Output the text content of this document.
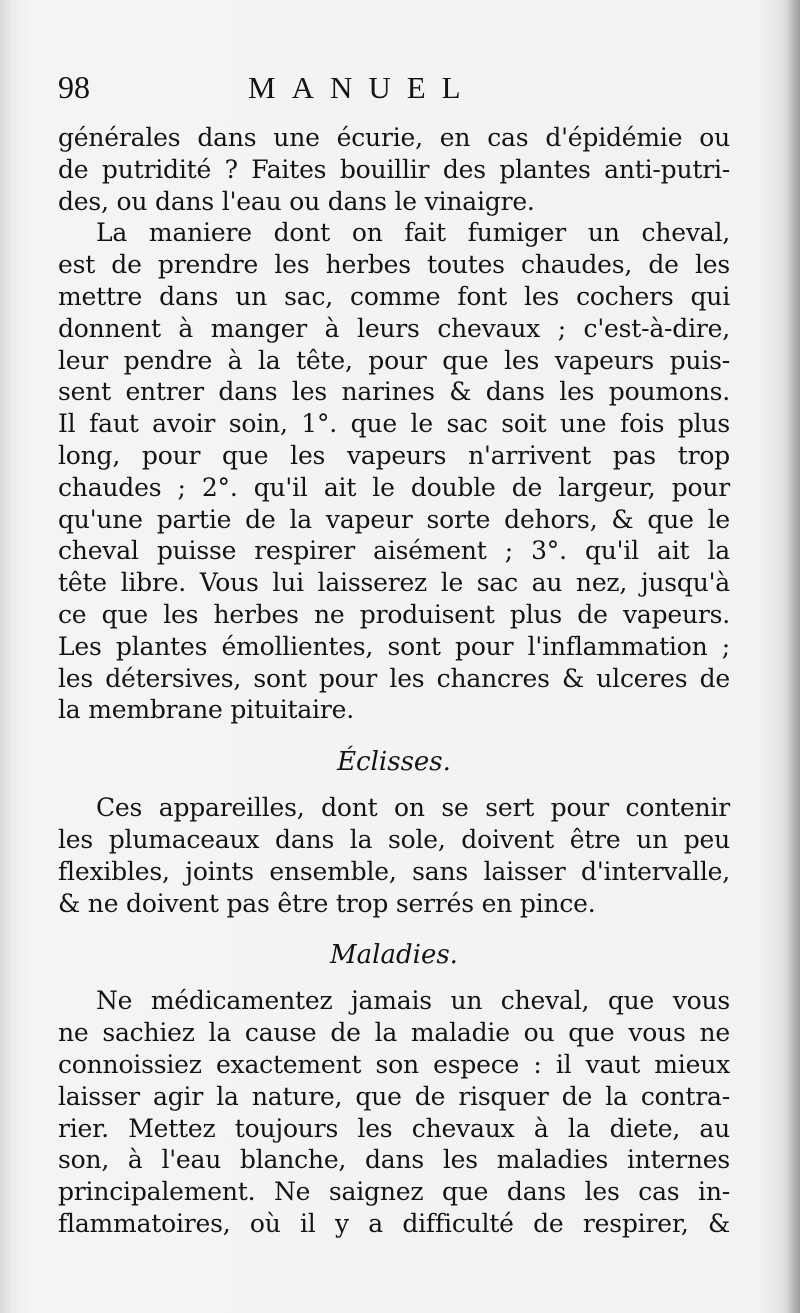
98	MANUEL
générales dans une écurie, en cas d'épidémie ou
de putridité ? Faites bouillir des plantes anti-putri-
des, ou dans l'eau ou dans le vinaigre.
La maniere dont on fait fumiger un cheval,
est de prendre les herbes toutes chaudes, de les
mettre dans un sac, comme font les cochers qui
donnent à manger à leurs chevaux ; c'est-à-dire,
leur pendre à la tête, pour que les vapeurs puis-
sent entrer dans les narines & dans les poumons.
Il faut avoir soin, 1°. que le sac soit une fois plus
long, pour que les vapeurs n'arrivent pas trop
chaudes ; 2°. qu'il ait le double de largeur, pour
qu'une partie de la vapeur sorte dehors, & que le
cheval puisse respirer aisément ; 3°. qu'il ait la
tête libre. Vous lui laisserez le sac au nez, jusqu'à
ce que les herbes ne produisent plus de vapeurs.
Les plantes émollientes, sont pour l'inflammation ;
les détersives, sont pour les chancres & ulceres de
la membrane pituitaire.
Éclisses.
Ces appareilles, dont on se sert pour contenir
les plumaceaux dans la sole, doivent être un peu
flexibles, joints ensemble, sans laisser d'intervalle,
& ne doivent pas être trop serrés en pince.
Maladies.
Ne médicamentez jamais un cheval, que vous
ne sachiez la cause de la maladie ou que vous ne
connoissiez exactement son espece : il vaut mieux
laisser agir la nature, que de risquer de la contra-
rier. Mettez toujours les chevaux à la diete, au
son, à l'eau blanche, dans les maladies internes
principalement. Ne saignez que dans les cas in-
flammatoires, où il y a difficulté de respirer, &
